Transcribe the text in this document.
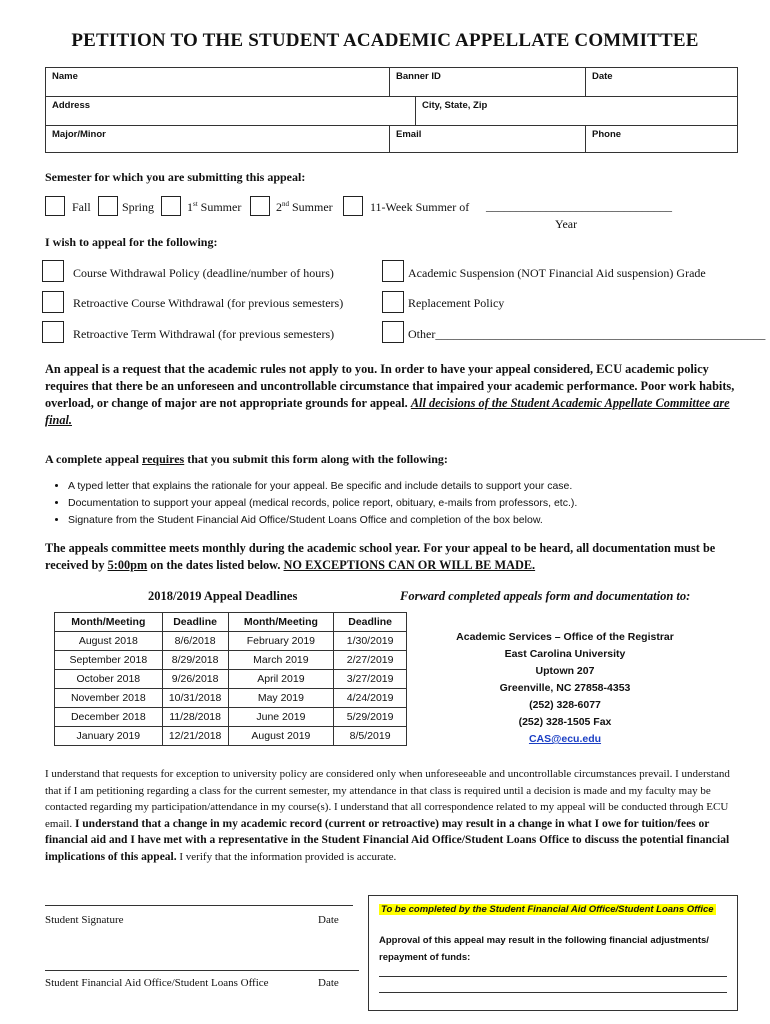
PETITION TO THE STUDENT ACADEMIC APPELLATE COMMITTEE
Name	Banner ID	Date
Address	City, State, Zip
Major/Minor	Email	Phone
Semester for which you are submitting this appeal:
Fall	Spring	1st Summer	2nd Summer	11-Week Summer of _______________________________
Year
I wish to appeal for the following:
Course Withdrawal Policy (deadline/number of hours)	Academic Suspension (NOT Financial Aid suspension) Grade
Retroactive Course Withdrawal (for previous semesters)	Replacement Policy
Retroactive Term Withdrawal (for previous semesters)	Other_______________________________________________________
An appeal is a request that the academic rules not apply to you. In order to have your appeal considered, ECU academic policy requires that there be an unforeseen and uncontrollable circumstance that impaired your academic performance. Poor work habits, overload, or change of major are not appropriate grounds for appeal. All decisions of the Student Academic Appellate Committee are final.
A complete appeal requires that you submit this form along with the following:
• A typed letter that explains the rationale for your appeal. Be specific and include details to support your case.
• Documentation to support your appeal (medical records, police report, obituary, e-mails from professors, etc.).
• Signature from the Student Financial Aid Office/Student Loans Office and completion of the box below.
The appeals committee meets monthly during the academic school year. For your appeal to be heard, all documentation must be received by 5:00pm on the dates listed below. NO EXCEPTIONS CAN OR WILL BE MADE.
2018/2019 Appeal Deadlines
Month/Meeting	Deadline	Month/Meeting	Deadline
August 2018	8/6/2018	February 2019	1/30/2019
September 2018	8/29/2018	March 2019	2/27/2019
October 2018	9/26/2018	April 2019	3/27/2019
November 2018	10/31/2018	May 2019	4/24/2019
December 2018	11/28/2018	June 2019	5/29/2019
January 2019	12/21/2018	August 2019	8/5/2019
Forward completed appeals form and documentation to:
Academic Services – Office of the Registrar
East Carolina University
Uptown 207
Greenville, NC 27858-4353
(252) 328-6077
(252) 328-1505 Fax
CAS@ecu.edu
I understand that requests for exception to university policy are considered only when unforeseeable and uncontrollable circumstances prevail. I understand that if I am petitioning regarding a class for the current semester, my attendance in that class is required until a decision is made and my faculty may be contacted regarding my participation/attendance in my course(s). I understand that all correspondence related to my appeal will be conducted through ECU email. I understand that a change in my academic record (current or retroactive) may result in a change in what I owe for tuition/fees or financial aid and I have met with a representative in the Student Financial Aid Office/Student Loans Office to discuss the potential financial implications of this appeal. I verify that the information provided is accurate.
Student Signature	Date
Student Financial Aid Office/Student Loans Office	Date
To be completed by the Student Financial Aid Office/Student Loans Office
Approval of this appeal may result in the following financial adjustments/ repayment of funds:
